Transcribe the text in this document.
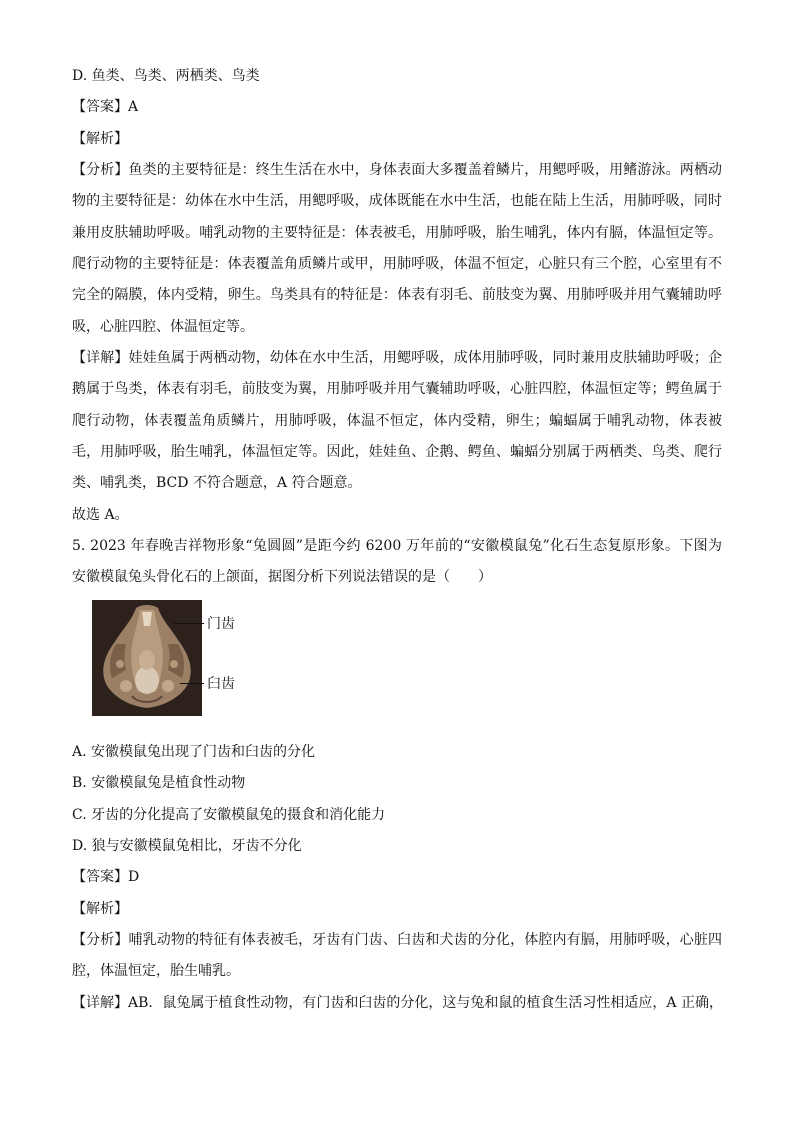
D. 鱼类、鸟类、两栖类、鸟类
【答案】A
【解析】
【分析】鱼类的主要特征是：终生生活在水中，身体表面大多覆盖着鳞片，用鳃呼吸，用鳍游泳。两栖动
物的主要特征是：幼体在水中生活，用鳃呼吸，成体既能在水中生活，也能在陆上生活，用肺呼吸，同时
兼用皮肤辅助呼吸。哺乳动物的主要特征是：体表被毛，用肺呼吸，胎生哺乳，体内有膈，体温恒定等。
爬行动物的主要特征是：体表覆盖角质鳞片或甲，用肺呼吸，体温不恒定，心脏只有三个腔，心室里有不
完全的隔膜，体内受精，卵生。鸟类具有的特征是：体表有羽毛、前肢变为翼、用肺呼吸并用气囊辅助呼
吸，心脏四腔、体温恒定等。
【详解】娃娃鱼属于两栖动物，幼体在水中生活，用鳃呼吸，成体用肺呼吸，同时兼用皮肤辅助呼吸；企
鹅属于鸟类，体表有羽毛，前肢变为翼，用肺呼吸并用气囊辅助呼吸，心脏四腔，体温恒定等；鳄鱼属于
爬行动物，体表覆盖角质鳞片，用肺呼吸，体温不恒定，体内受精，卵生；蝙蝠属于哺乳动物，体表被
毛，用肺呼吸，胎生哺乳，体温恒定等。因此，娃娃鱼、企鹅、鳄鱼、蝙蝠分别属于两栖类、鸟类、爬行
类、哺乳类，BCD 不符合题意，A 符合题意。
故选 A。
5. 2023 年春晚吉祥物形象“兔圆圆”是距今约 6200 万年前的“安徽模鼠兔”化石生态复原形象。下图为
安徽模鼠兔头骨化石的上颌面，据图分析下列说法错误的是（　　）
门齿
臼齿
A. 安徽模鼠兔出现了门齿和臼齿的分化
B. 安徽模鼠兔是植食性动物
C. 牙齿的分化提高了安徽模鼠兔的摄食和消化能力
D. 狼与安徽模鼠兔相比，牙齿不分化
【答案】D
【解析】
【分析】哺乳动物的特征有体表被毛，牙齿有门齿、臼齿和犬齿的分化，体腔内有膈，用肺呼吸，心脏四
腔，体温恒定，胎生哺乳。
【详解】AB．鼠兔属于植食性动物，有门齿和臼齿的分化，这与兔和鼠的植食生活习性相适应，A 正确，
